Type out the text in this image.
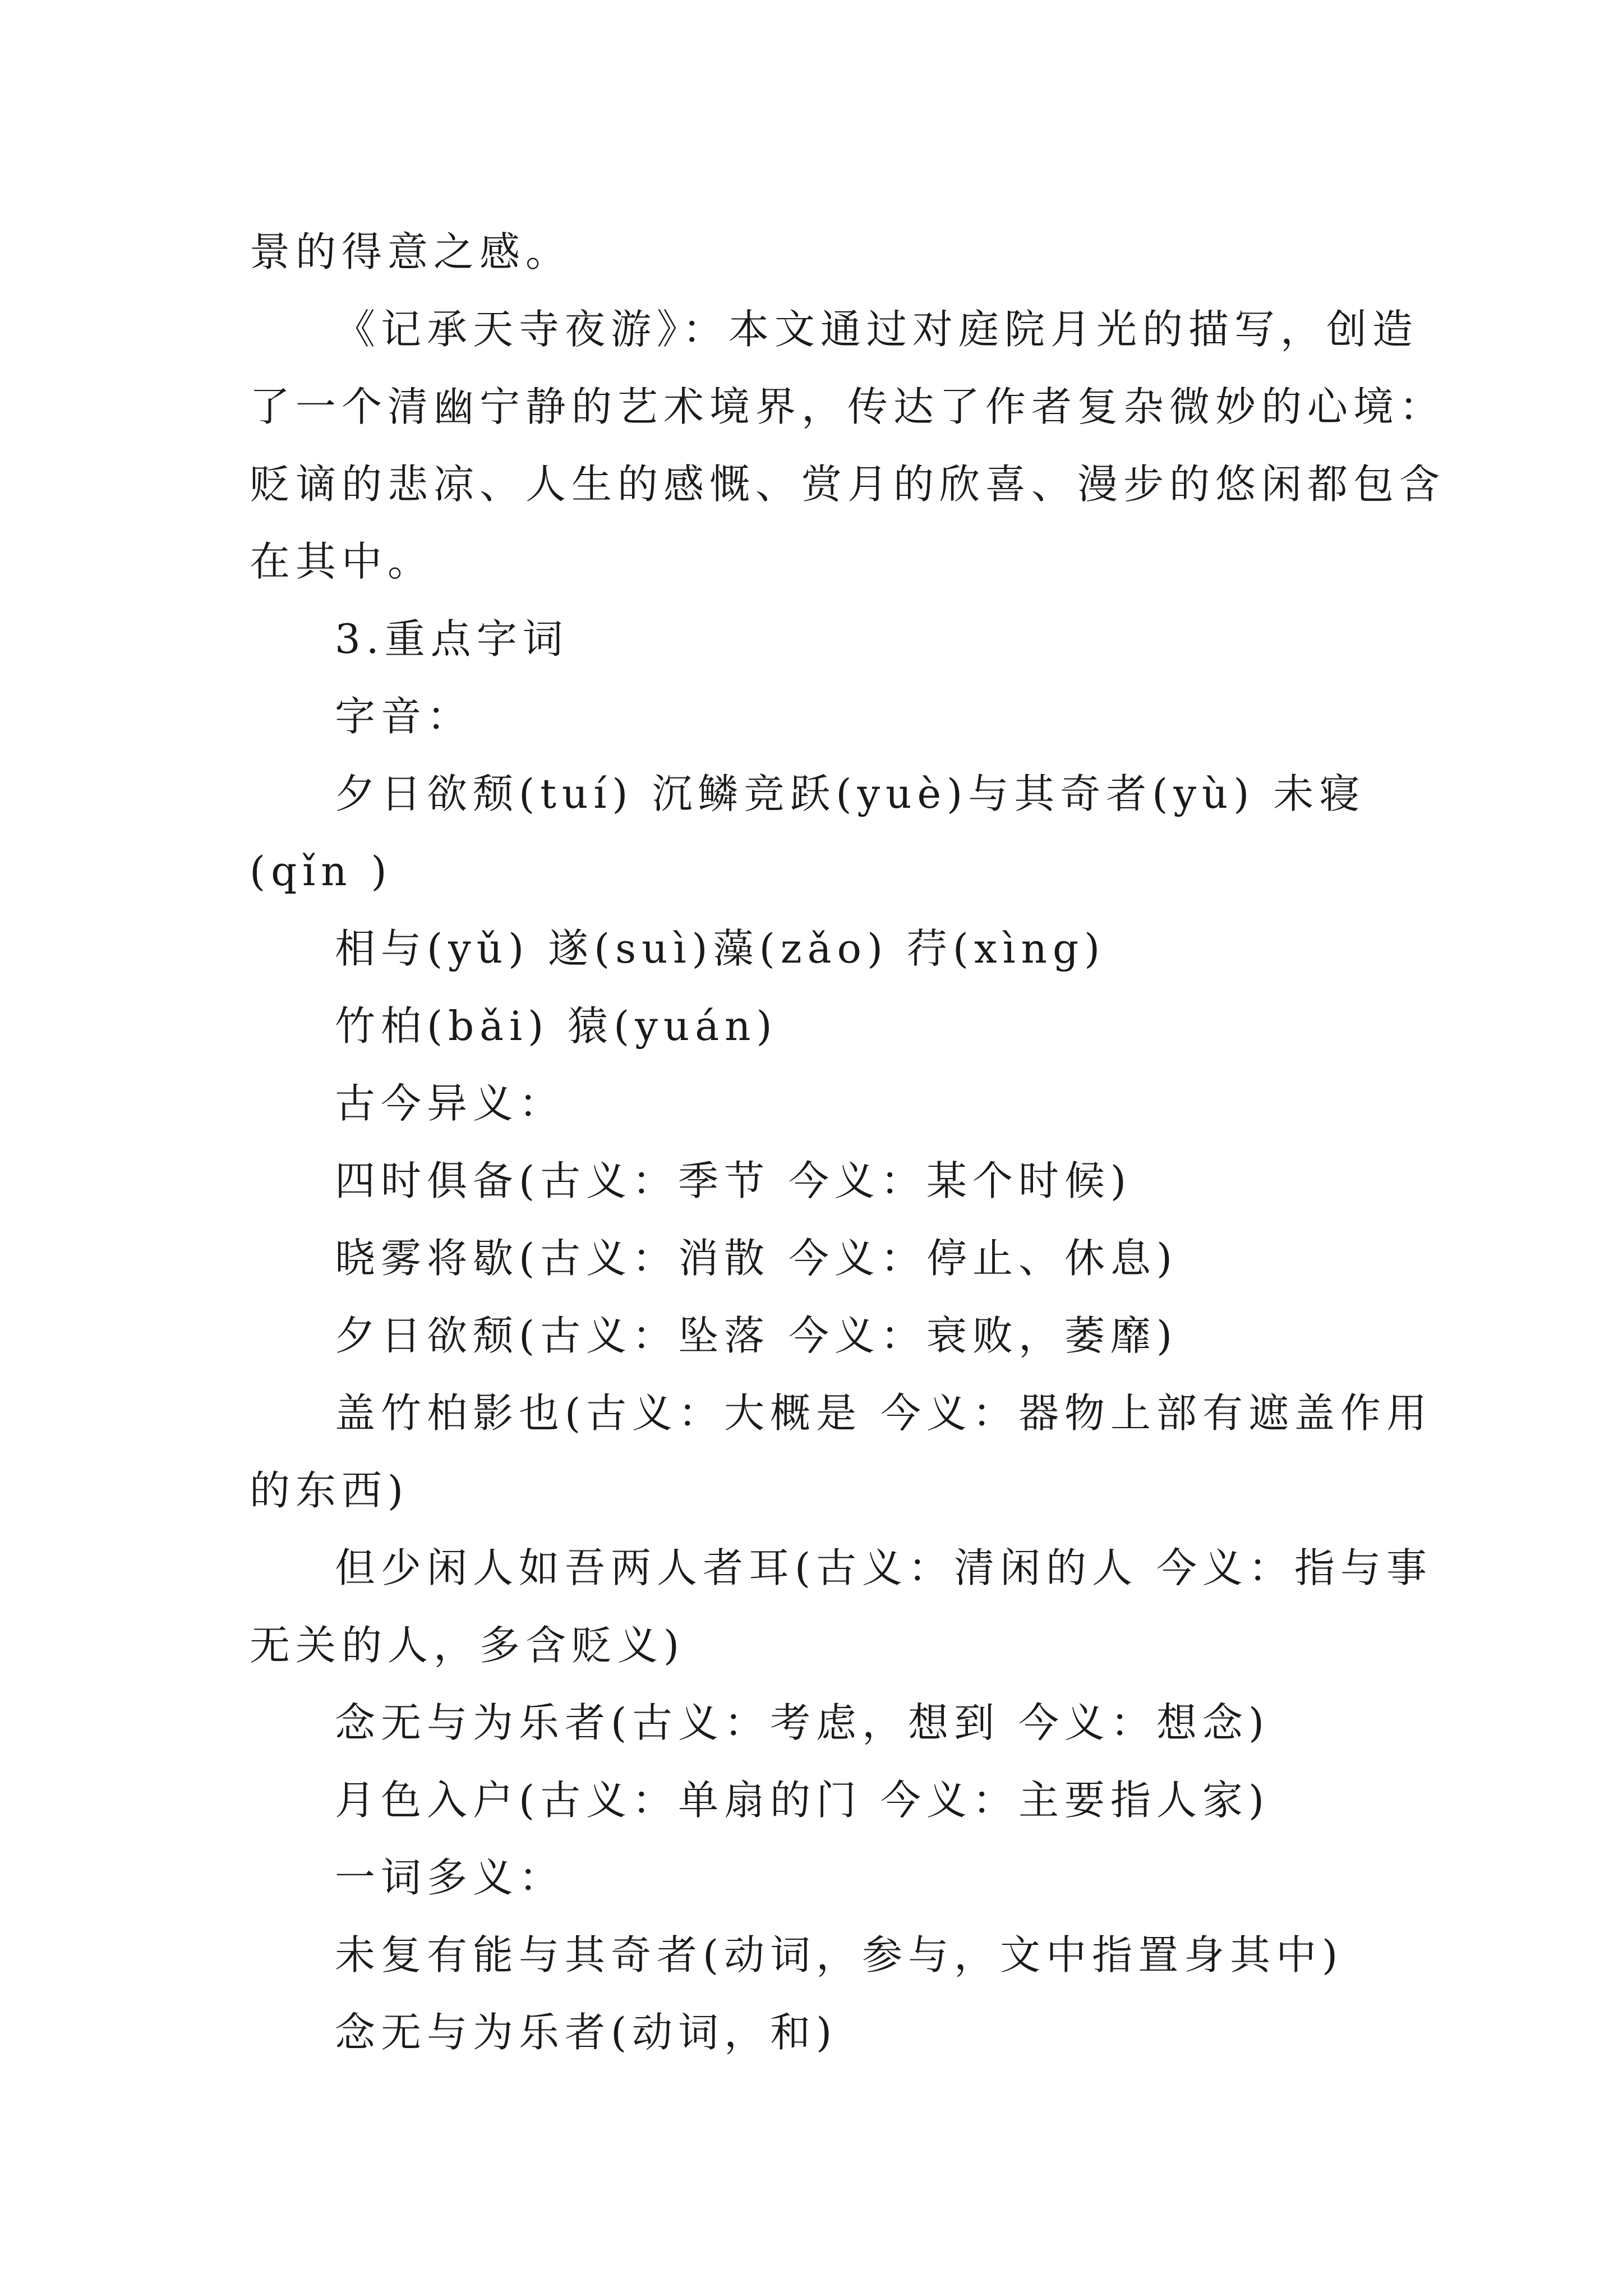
景的得意之感。
《记承天寺夜游》：本文通过对庭院月光的描写，创造
了一个清幽宁静的艺术境界，传达了作者复杂微妙的心境：
贬谪的悲凉、人生的感慨、赏月的欣喜、漫步的悠闲都包含
在其中。
3.重点字词
字音：
夕日欲颓(tuí) 沉鳞竞跃(yuè)与其奇者(yù) 未寝
(qǐn )
相与(yǔ) 遂(suì)藻(zǎo) 荇(xìng)
竹柏(bǎi) 猿(yuán)
古今异义：
四时俱备(古义：季节 今义：某个时候)
晓雾将歇(古义：消散 今义：停止、休息)
夕日欲颓(古义：坠落 今义：衰败，萎靡)
盖竹柏影也(古义：大概是 今义：器物上部有遮盖作用
的东西)
但少闲人如吾两人者耳(古义：清闲的人 今义：指与事
无关的人，多含贬义)
念无与为乐者(古义：考虑，想到 今义：想念)
月色入户(古义：单扇的门 今义：主要指人家)
一词多义：
未复有能与其奇者(动词，参与，文中指置身其中)
念无与为乐者(动词，和)
